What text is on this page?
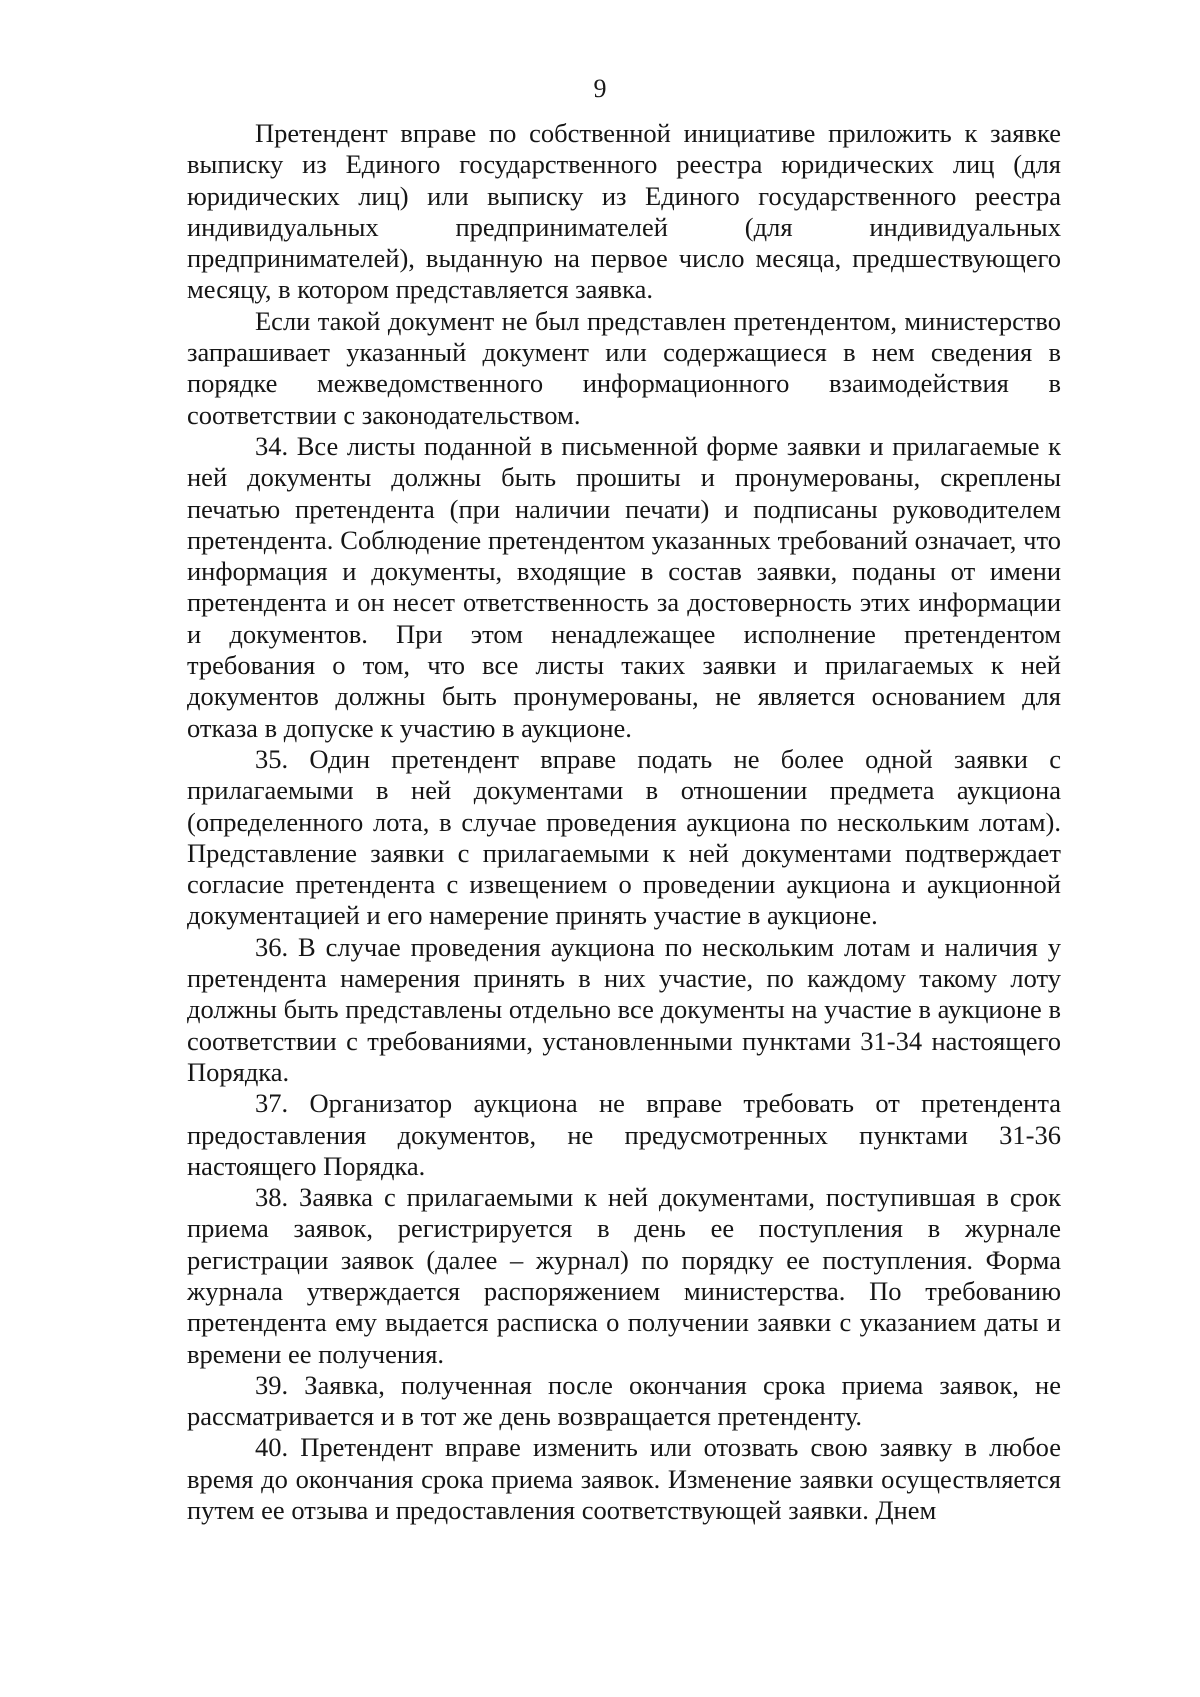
9

Претендент вправе по собственной инициативе приложить к заявке выписку из Единого государственного реестра юридических лиц (для юридических лиц) или выписку из Единого государственного реестра индивидуальных предпринимателей (для индивидуальных предпринимателей), выданную на первое число месяца, предшествующего месяцу, в котором представляется заявка.

Если такой документ не был представлен претендентом, министерство запрашивает указанный документ или содержащиеся в нем сведения в порядке межведомственного информационного взаимодействия в соответствии с законодательством.

34. Все листы поданной в письменной форме заявки и прилагаемые к ней документы должны быть прошиты и пронумерованы, скреплены печатью претендента (при наличии печати) и подписаны руководителем претендента. Соблюдение претендентом указанных требований означает, что информация и документы, входящие в состав заявки, поданы от имени претендента и он несет ответственность за достоверность этих информации и документов. При этом ненадлежащее исполнение претендентом требования о том, что все листы таких заявки и прилагаемых к ней документов должны быть пронумерованы, не является основанием для отказа в допуске к участию в аукционе.

35. Один претендент вправе подать не более одной заявки с прилагаемыми в ней документами в отношении предмета аукциона (определенного лота, в случае проведения аукциона по нескольким лотам). Представление заявки с прилагаемыми к ней документами подтверждает согласие претендента с извещением о проведении аукциона и аукционной документацией и его намерение принять участие в аукционе.

36. В случае проведения аукциона по нескольким лотам и наличия у претендента намерения принять в них участие, по каждому такому лоту должны быть представлены отдельно все документы на участие в аукционе в соответствии с требованиями, установленными пунктами 31-34 настоящего Порядка.

37. Организатор аукциона не вправе требовать от претендента предоставления документов, не предусмотренных пунктами 31-36 настоящего Порядка.

38. Заявка с прилагаемыми к ней документами, поступившая в срок приема заявок, регистрируется в день ее поступления в журнале регистрации заявок (далее – журнал) по порядку ее поступления. Форма журнала утверждается распоряжением министерства. По требованию претендента ему выдается расписка о получении заявки с указанием даты и времени ее получения.

39. Заявка, полученная после окончания срока приема заявок, не рассматривается и в тот же день возвращается претенденту.

40. Претендент вправе изменить или отозвать свою заявку в любое время до окончания срока приема заявок. Изменение заявки осуществляется путем ее отзыва и предоставления соответствующей заявки. Днем
